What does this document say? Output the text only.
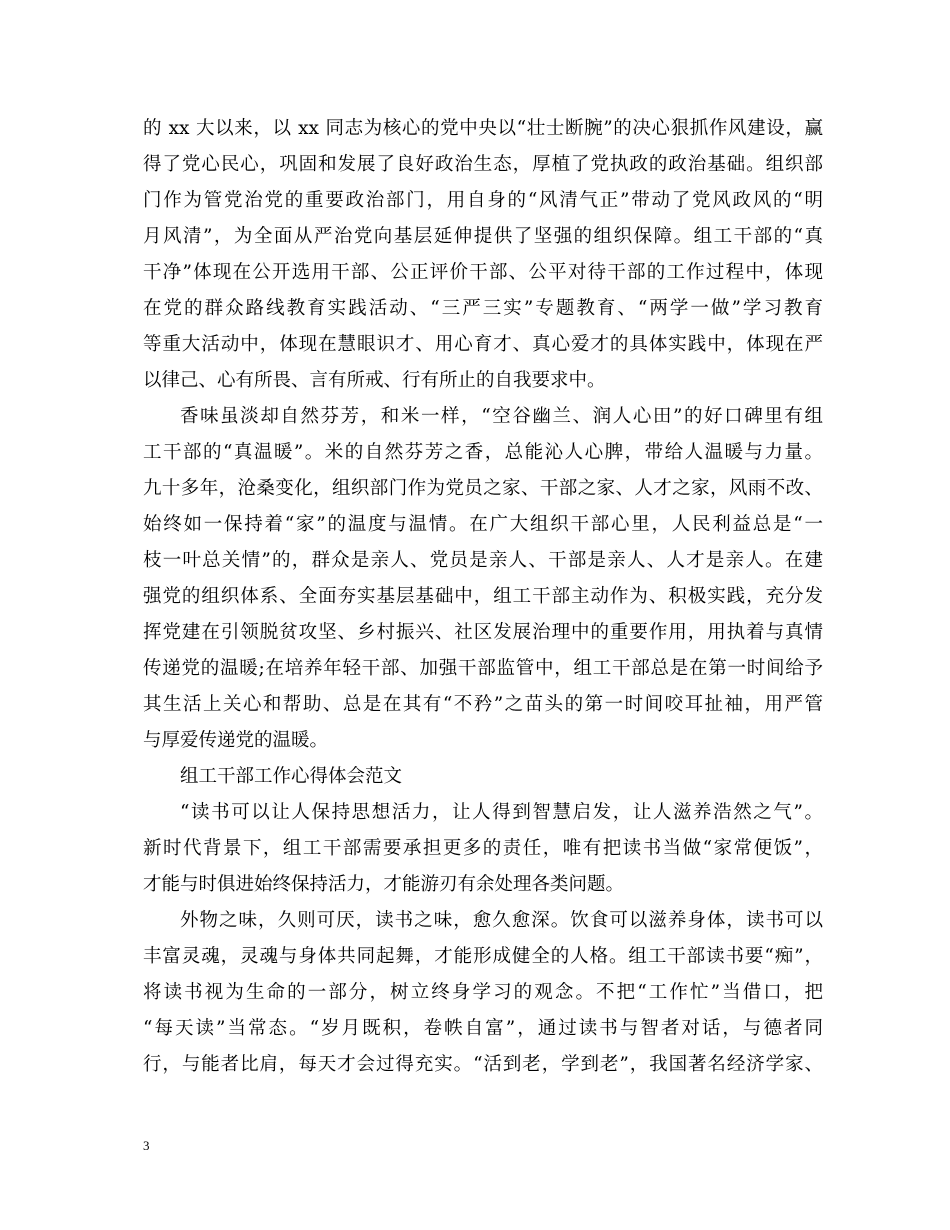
的 xx 大以来，以 xx 同志为核心的党中央以“壮士断腕”的决心狠抓作风建设，赢
得了党心民心，巩固和发展了良好政治生态，厚植了党执政的政治基础。组织部
门作为管党治党的重要政治部门，用自身的“风清气正”带动了党风政风的“明
月风清”，为全面从严治党向基层延伸提供了坚强的组织保障。组工干部的“真
干净”体现在公开选用干部、公正评价干部、公平对待干部的工作过程中，体现
在党的群众路线教育实践活动、“三严三实”专题教育、“两学一做”学习教育
等重大活动中，体现在慧眼识才、用心育才、真心爱才的具体实践中，体现在严
以律己、心有所畏、言有所戒、行有所止的自我要求中。
香味虽淡却自然芬芳，和米一样，“空谷幽兰、润人心田”的好口碑里有组
工干部的“真温暖”。米的自然芬芳之香，总能沁人心脾，带给人温暖与力量。
九十多年，沧桑变化，组织部门作为党员之家、干部之家、人才之家，风雨不改、
始终如一保持着“家”的温度与温情。在广大组织干部心里，人民利益总是“一
枝一叶总关情”的，群众是亲人、党员是亲人、干部是亲人、人才是亲人。在建
强党的组织体系、全面夯实基层基础中，组工干部主动作为、积极实践，充分发
挥党建在引领脱贫攻坚、乡村振兴、社区发展治理中的重要作用，用执着与真情
传递党的温暖;在培养年轻干部、加强干部监管中，组工干部总是在第一时间给予
其生活上关心和帮助、总是在其有“不矜”之苗头的第一时间咬耳扯袖，用严管
与厚爱传递党的温暖。
组工干部工作心得体会范文
“读书可以让人保持思想活力，让人得到智慧启发，让人滋养浩然之气”。
新时代背景下，组工干部需要承担更多的责任，唯有把读书当做“家常便饭”，
才能与时俱进始终保持活力，才能游刃有余处理各类问题。
外物之味，久则可厌，读书之味，愈久愈深。饮食可以滋养身体，读书可以
丰富灵魂，灵魂与身体共同起舞，才能形成健全的人格。组工干部读书要“痴”，
将读书视为生命的一部分，树立终身学习的观念。不把“工作忙”当借口，把
“每天读”当常态。“岁月既积，卷帙自富”，通过读书与智者对话，与德者同
行，与能者比肩，每天才会过得充实。“活到老，学到老”，我国著名经济学家、
3
